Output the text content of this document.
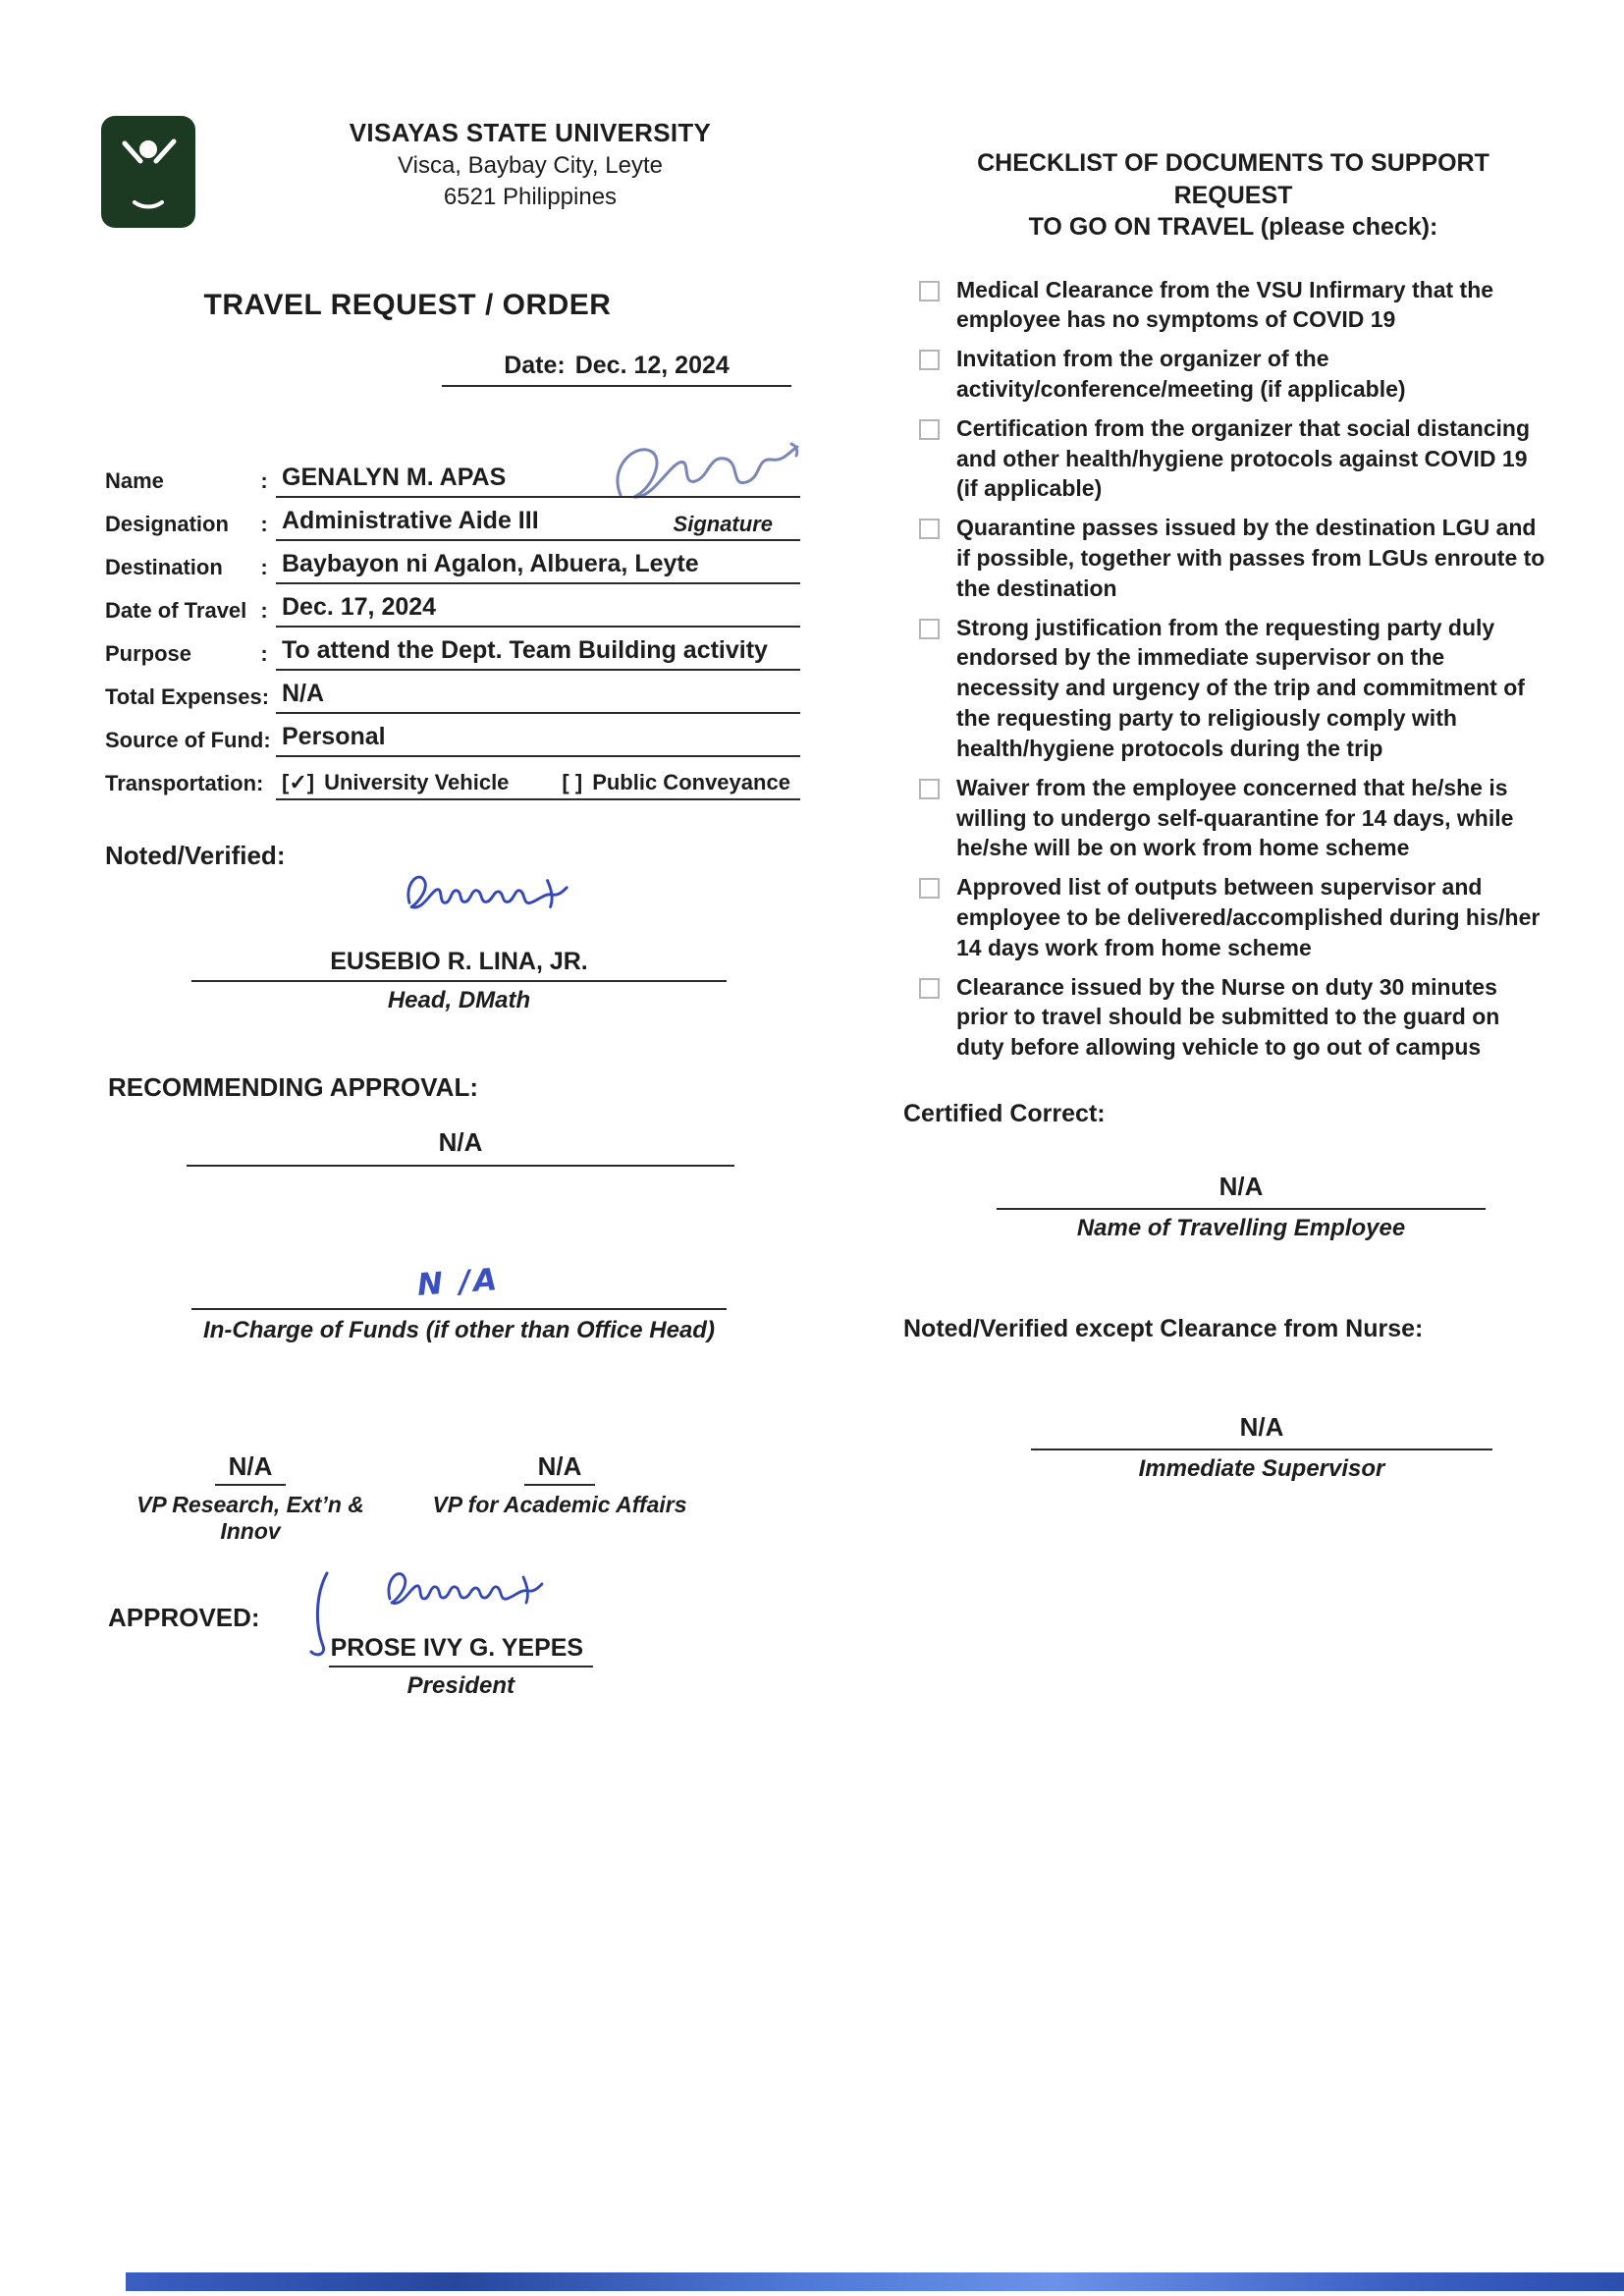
VISAYAS STATE UNIVERSITY
Visca, Baybay City, Leyte
6521 Philippines
TRAVEL REQUEST / ORDER
Date: Dec. 12, 2024
Name	: GENALYN M. APAS
Designation	: Administrative Aide III	Signature
Destination	: Baybayon ni Agalon, Albuera, Leyte
Date of Travel : Dec. 17, 2024
Purpose	: To attend the Dept. Team Building activity
Total Expenses: N/A
Source of Fund: Personal
Transportation: [✓] University Vehicle [ ] Public Conveyance
Noted/Verified:
EUSEBIO R. LINA, JR.
Head, DMath
RECOMMENDING APPROVAL:
N/A
N /A
In-Charge of Funds (if other than Office Head)
N/A
VP Research, Ext’n & Innov
N/A
VP for Academic Affairs
APPROVED:
PROSE IVY G. YEPES
President
CHECKLIST OF DOCUMENTS TO SUPPORT REQUEST
TO GO ON TRAVEL (please check):
Medical Clearance from the VSU Infirmary that the employee has no symptoms of COVID 19
Invitation from the organizer of the activity/conference/meeting (if applicable)
Certification from the organizer that social distancing and other health/hygiene protocols against COVID 19 (if applicable)
Quarantine passes issued by the destination LGU and if possible, together with passes from LGUs enroute to the destination
Strong justification from the requesting party duly endorsed by the immediate supervisor on the necessity and urgency of the trip and commitment of the requesting party to religiously comply with health/hygiene protocols during the trip
Waiver from the employee concerned that he/she is willing to undergo self-quarantine for 14 days, while he/she will be on work from home scheme
Approved list of outputs between supervisor and employee to be delivered/accomplished during his/her 14 days work from home scheme
Clearance issued by the Nurse on duty 30 minutes prior to travel should be submitted to the guard on duty before allowing vehicle to go out of campus
Certified Correct:
N/A
Name of Travelling Employee
Noted/Verified except Clearance from Nurse:
N/A
Immediate Supervisor
